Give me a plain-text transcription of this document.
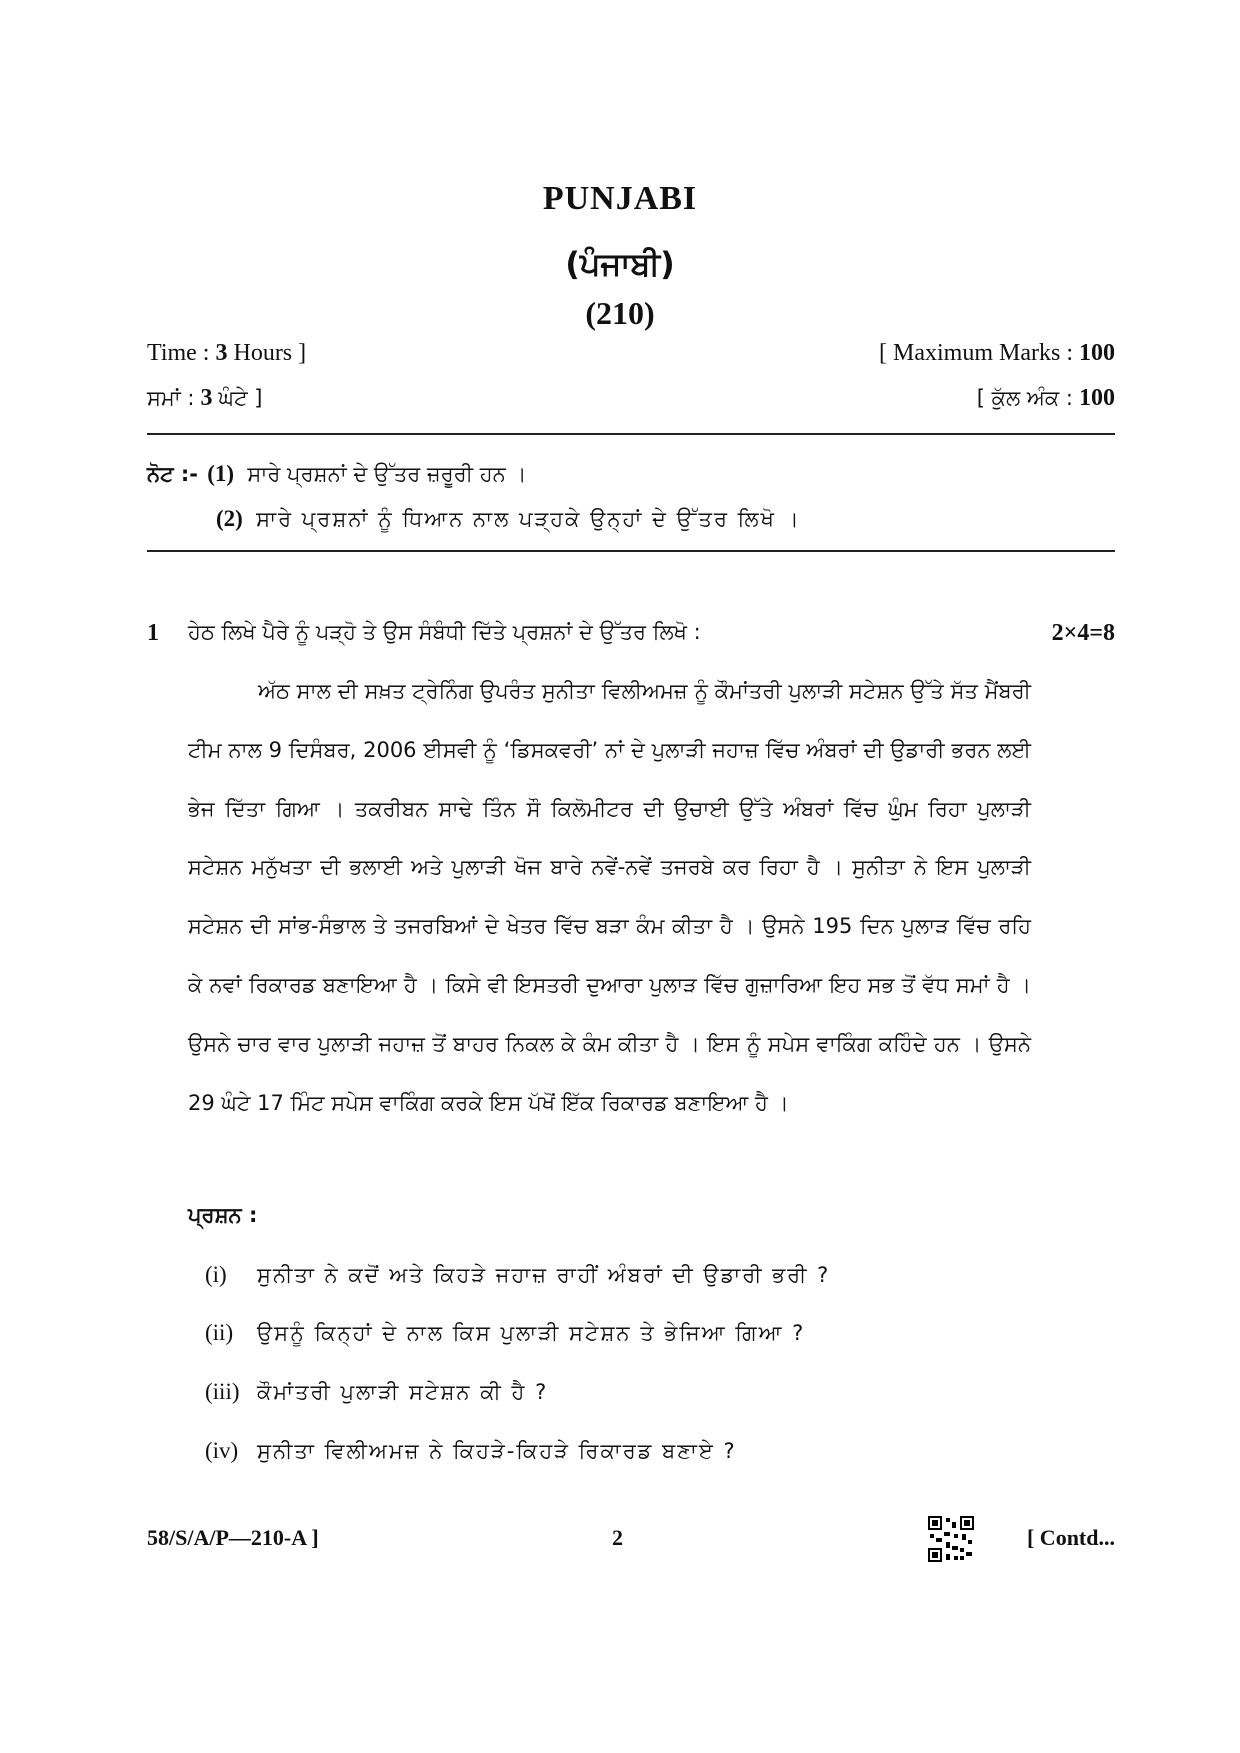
PUNJABI
(ਪੰਜਾਬੀ)
(210)
Time : 3 Hours ]	[ Maximum Marks : 100
ਸਮਾਂ : 3 ਘੰਟੇ ]	[ ਕੁੱਲ ਅੰਕ : 100
ਨੋਟ :- (1) ਸਾਰੇ ਪ੍ਰਸ਼ਨਾਂ ਦੇ ਉੱਤਰ ਜ਼ਰੂਰੀ ਹਨ ।
(2) ਸਾਰੇ ਪ੍ਰਸ਼ਨਾਂ ਨੂੰ ਧਿਆਨ ਨਾਲ ਪੜ੍ਹਕੇ ਉਨ੍ਹਾਂ ਦੇ ਉੱਤਰ ਲਿਖੋ ।
1 ਹੇਠ ਲਿਖੇ ਪੈਰੇ ਨੂੰ ਪੜ੍ਹੋ ਤੇ ਉਸ ਸੰਬੰਧੀ ਦਿੱਤੇ ਪ੍ਰਸ਼ਨਾਂ ਦੇ ਉੱਤਰ ਲਿਖੋ :	2×4=8

ਅੱਠ ਸਾਲ ਦੀ ਸਖ਼ਤ ਟ੍ਰੇਨਿੰਗ ਉਪਰੰਤ ਸੁਨੀਤਾ ਵਿਲੀਅਮਜ਼ ਨੂੰ ਕੌਮਾਂਤਰੀ ਪੁਲਾੜੀ ਸਟੇਸ਼ਨ ਉੱਤੇ ਸੱਤ ਮੈਂਬਰੀ ਟੀਮ ਨਾਲ 9 ਦਿਸੰਬਰ, 2006 ਈਸਵੀ ਨੂੰ ‘ਡਿਸਕਵਰੀ’ ਨਾਂ ਦੇ ਪੁਲਾੜੀ ਜਹਾਜ਼ ਵਿੱਚ ਅੰਬਰਾਂ ਦੀ ਉਡਾਰੀ ਭਰਨ ਲਈ ਭੇਜ ਦਿੱਤਾ ਗਿਆ । ਤਕਰੀਬਨ ਸਾਢੇ ਤਿੰਨ ਸੌ ਕਿਲੋਮੀਟਰ ਦੀ ਉਚਾਈ ਉੱਤੇ ਅੰਬਰਾਂ ਵਿੱਚ ਘੁੰਮ ਰਿਹਾ ਪੁਲਾੜੀ ਸਟੇਸ਼ਨ ਮਨੁੱਖਤਾ ਦੀ ਭਲਾਈ ਅਤੇ ਪੁਲਾੜੀ ਖੋਜ ਬਾਰੇ ਨਵੇਂ-ਨਵੇਂ ਤਜਰਬੇ ਕਰ ਰਿਹਾ ਹੈ । ਸੁਨੀਤਾ ਨੇ ਇਸ ਪੁਲਾੜੀ ਸਟੇਸ਼ਨ ਦੀ ਸਾਂਭ-ਸੰਭਾਲ ਤੇ ਤਜਰਬਿਆਂ ਦੇ ਖੇਤਰ ਵਿੱਚ ਬੜਾ ਕੰਮ ਕੀਤਾ ਹੈ । ਉਸਨੇ 195 ਦਿਨ ਪੁਲਾੜ ਵਿੱਚ ਰਹਿ ਕੇ ਨਵਾਂ ਰਿਕਾਰਡ ਬਣਾਇਆ ਹੈ । ਕਿਸੇ ਵੀ ਇਸਤਰੀ ਦੁਆਰਾ ਪੁਲਾੜ ਵਿੱਚ ਗੁਜ਼ਾਰਿਆ ਇਹ ਸਭ ਤੋਂ ਵੱਧ ਸਮਾਂ ਹੈ । ਉਸਨੇ ਚਾਰ ਵਾਰ ਪੁਲਾੜੀ ਜਹਾਜ਼ ਤੋਂ ਬਾਹਰ ਨਿਕਲ ਕੇ ਕੰਮ ਕੀਤਾ ਹੈ । ਇਸ ਨੂੰ ਸਪੇਸ ਵਾਕਿੰਗ ਕਹਿੰਦੇ ਹਨ । ਉਸਨੇ 29 ਘੰਟੇ 17 ਮਿੰਟ ਸਪੇਸ ਵਾਕਿੰਗ ਕਰਕੇ ਇਸ ਪੱਖੋਂ ਇੱਕ ਰਿਕਾਰਡ ਬਣਾਇਆ ਹੈ ।

ਪ੍ਰਸ਼ਨ :
(i) ਸੁਨੀਤਾ ਨੇ ਕਦੋਂ ਅਤੇ ਕਿਹੜੇ ਜਹਾਜ਼ ਰਾਹੀਂ ਅੰਬਰਾਂ ਦੀ ਉਡਾਰੀ ਭਰੀ ?
(ii) ਉਸਨੂੰ ਕਿਨ੍ਹਾਂ ਦੇ ਨਾਲ ਕਿਸ ਪੁਲਾੜੀ ਸਟੇਸ਼ਨ ਤੇ ਭੇਜਿਆ ਗਿਆ ?
(iii) ਕੌਮਾਂਤਰੀ ਪੁਲਾੜੀ ਸਟੇਸ਼ਨ ਕੀ ਹੈ ?
(iv) ਸੁਨੀਤਾ ਵਿਲੀਅਮਜ਼ ਨੇ ਕਿਹੜੇ-ਕਿਹੜੇ ਰਿਕਾਰਡ ਬਣਾਏ ?
58/S/A/P—210-A ]	2	[ Contd...
